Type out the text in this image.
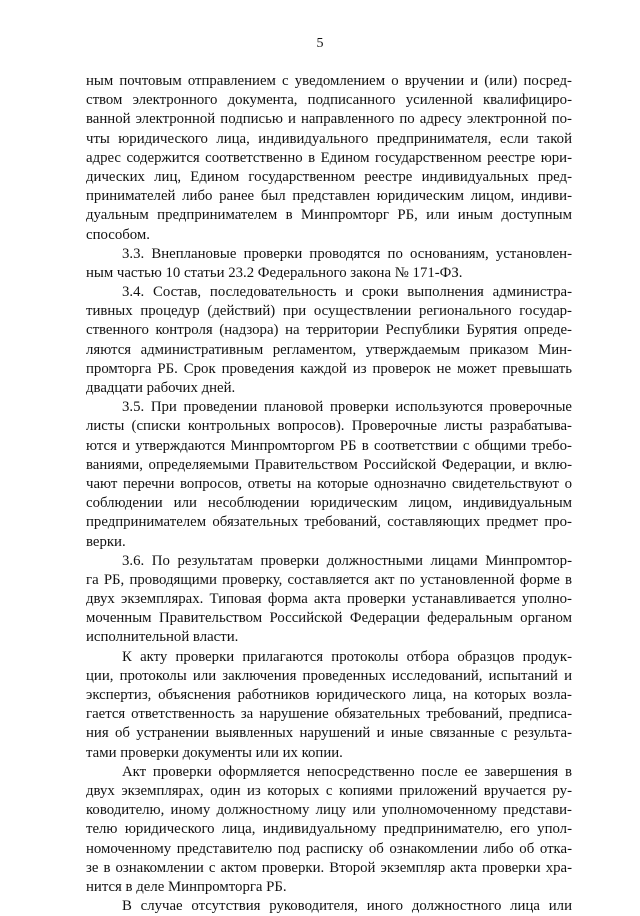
5
ным почтовым отправлением с уведомлением о вручении и (или) посред-
ством электронного документа, подписанного усиленной квалифициро-
ванной электронной подписью и направленного по адресу электронной по-
чты юридического лица, индивидуального предпринимателя, если такой
адрес содержится соответственно в Едином государственном реестре юри-
дических лиц, Едином государственном реестре индивидуальных пред-
принимателей либо ранее был представлен юридическим лицом, индиви-
дуальным предпринимателем в Минпромторг РБ, или иным доступным
способом.
3.3. Внеплановые проверки проводятся по основаниям, установлен-
ным частью 10 статьи 23.2 Федерального закона № 171-ФЗ.
3.4. Состав, последовательность и сроки выполнения администра-
тивных процедур (действий) при осуществлении регионального государ-
ственного контроля (надзора) на территории Республики Бурятия опреде-
ляются административным регламентом, утверждаемым приказом Мин-
промторга РБ. Срок проведения каждой из проверок не может превышать
двадцати рабочих дней.
3.5. При проведении плановой проверки используются проверочные
листы (списки контрольных вопросов). Проверочные листы разрабатыва-
ются и утверждаются Минпромторгом РБ в соответствии с общими требо-
ваниями, определяемыми Правительством Российской Федерации, и вклю-
чают перечни вопросов, ответы на которые однозначно свидетельствуют о
соблюдении или несоблюдении юридическим лицом, индивидуальным
предпринимателем обязательных требований, составляющих предмет про-
верки.
3.6. По результатам проверки должностными лицами Минпромтор-
га РБ, проводящими проверку, составляется акт по установленной форме в
двух экземплярах. Типовая форма акта проверки устанавливается уполно-
моченным Правительством Российской Федерации федеральным органом
исполнительной власти.
К акту проверки прилагаются протоколы отбора образцов продук-
ции, протоколы или заключения проведенных исследований, испытаний и
экспертиз, объяснения работников юридического лица, на которых возла-
гается ответственность за нарушение обязательных требований, предписа-
ния об устранении выявленных нарушений и иные связанные с результа-
тами проверки документы или их копии.
Акт проверки оформляется непосредственно после ее завершения в
двух экземплярах, один из которых с копиями приложений вручается ру-
ководителю, иному должностному лицу или уполномоченному представи-
телю юридического лица, индивидуальному предпринимателю, его упол-
номоченному представителю под расписку об ознакомлении либо об отка-
зе в ознакомлении с актом проверки. Второй экземпляр акта проверки хра-
нится в деле Минпромторга РБ.
В случае отсутствия руководителя, иного должностного лица или
